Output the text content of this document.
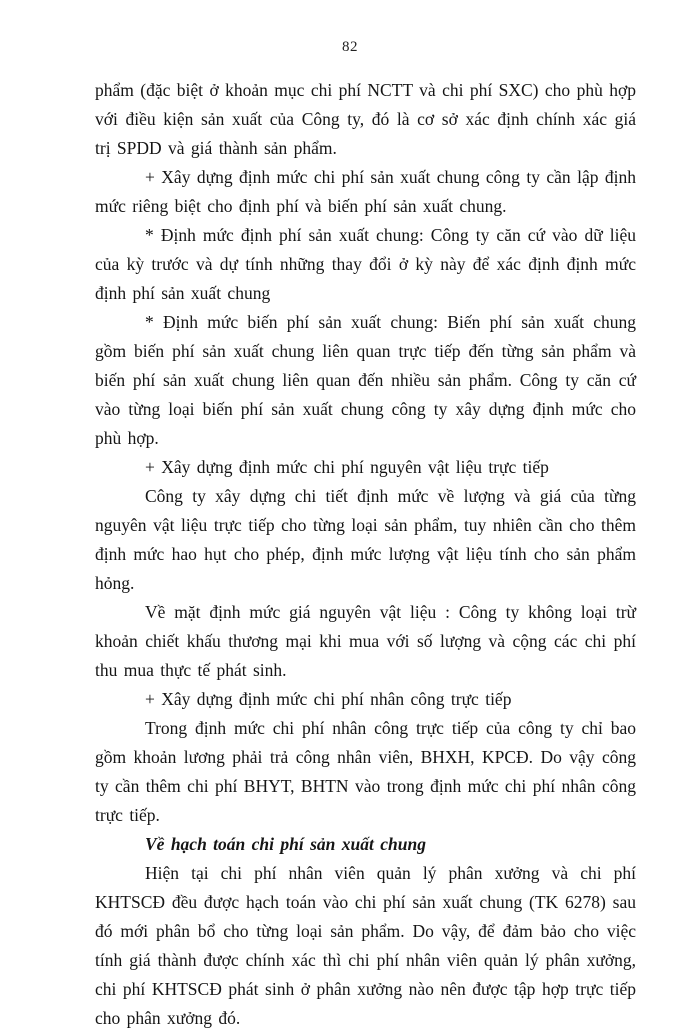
82

phẩm (đặc biệt ở khoản mục chi phí NCTT và chi phí SXC) cho phù hợp với điều kiện sản xuất của Công ty, đó là cơ sở xác định chính xác giá trị SPDD và giá thành sản phẩm.

+ Xây dựng định mức chi phí sản xuất chung công ty cần lập định mức riêng biệt cho định phí và biến phí sản xuất chung.

* Định mức định phí sản xuất chung: Công ty căn cứ vào dữ liệu của kỳ trước và dự tính những thay đổi ở kỳ này để xác định định mức định phí sản xuất chung

* Định mức biến phí sản xuất chung: Biến phí sản xuất chung gồm biến phí sản xuất chung liên quan trực tiếp đến từng sản phẩm và biến phí sản xuất chung liên quan đến nhiều sản phẩm. Công ty căn cứ vào từng loại biến phí sản xuất chung công ty xây dựng định mức cho phù hợp.

+ Xây dựng định mức chi phí nguyên vật liệu trực tiếp

Công ty xây dựng chi tiết định mức về lượng và giá của từng nguyên vật liệu trực tiếp cho từng loại sản phẩm, tuy nhiên cần cho thêm định mức hao hụt cho phép, định mức lượng vật liệu tính cho sản phẩm hỏng.

Về mặt định mức giá nguyên vật liệu : Công ty không loại trừ khoản chiết khấu thương mại khi mua với số lượng và cộng các chi phí thu mua thực tế phát sinh.

+ Xây dựng định mức chi phí nhân công trực tiếp

Trong định mức chi phí nhân công trực tiếp của công ty chỉ bao gồm khoản lương phải trả công nhân viên, BHXH, KPCĐ. Do vậy công ty cần thêm chi phí BHYT, BHTN vào trong định mức chi phí nhân công trực tiếp.

Về hạch toán chi phí sản xuất chung

Hiện tại chi phí nhân viên quản lý phân xưởng và chi phí KHTSCĐ đều được hạch toán vào chi phí sản xuất chung (TK 6278) sau đó mới phân bổ cho từng loại sản phẩm. Do vậy, để đảm bảo cho việc tính giá thành được chính xác thì chi phí nhân viên quản lý phân xưởng, chi phí KHTSCĐ phát sinh ở phân xưởng nào nên được tập hợp trực tiếp cho phân xưởng đó.
